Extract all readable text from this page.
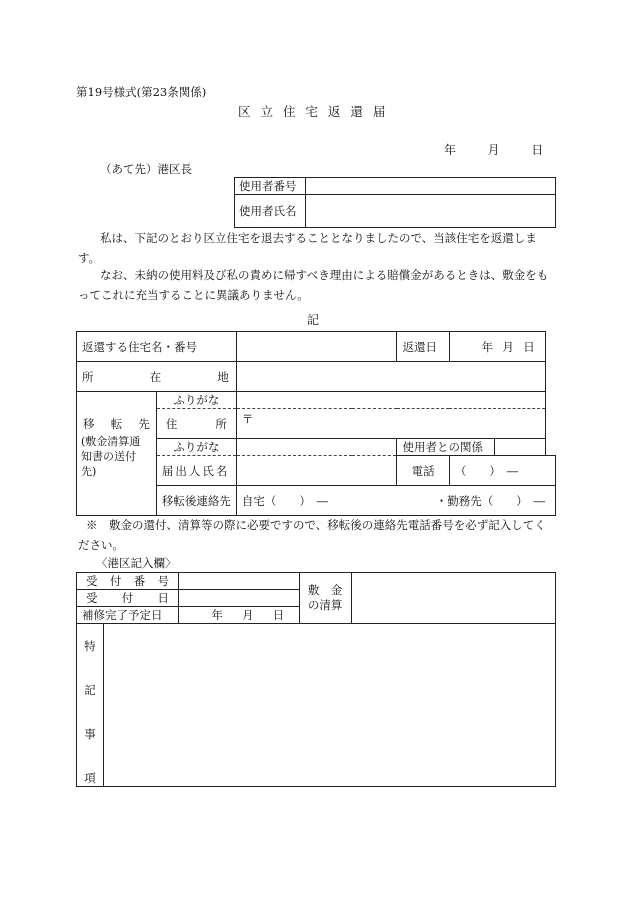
第19号様式(第23条関係)
区 立 住 宅 返 還 届
年	月	日
（あて先）港区長
使用者番号	
使用者氏名	
私は、下記のとおり区立住宅を退去することとなりましたので、当該住宅を返還します。
なお、未納の使用料及び私の責めに帰すべき理由による賠償金があるときは、敷金をもってこれに充当することに異議ありません。
記
返還する住宅名・番号			返還日	年 月 日	

所 在 地					

移 転 先
(敷金清算通知書の送付先)	ふりがな				

	住 所	〒			
	ふりがな		使用者との関係		
	届出人氏名		電話	（　　）　―	
	移転後連絡先	自宅（　　）　―	・勤務先（　　）　―		
※　 敷金の還付、清算等の際に必要ですので、移転後の連絡先電話番号を必ず記入してください。
〈港区記入欄〉
受 付 番 号			敷　金
の清算	

受 付 日				

補修完了予定日		年 月 日		

特
記
事
項				
